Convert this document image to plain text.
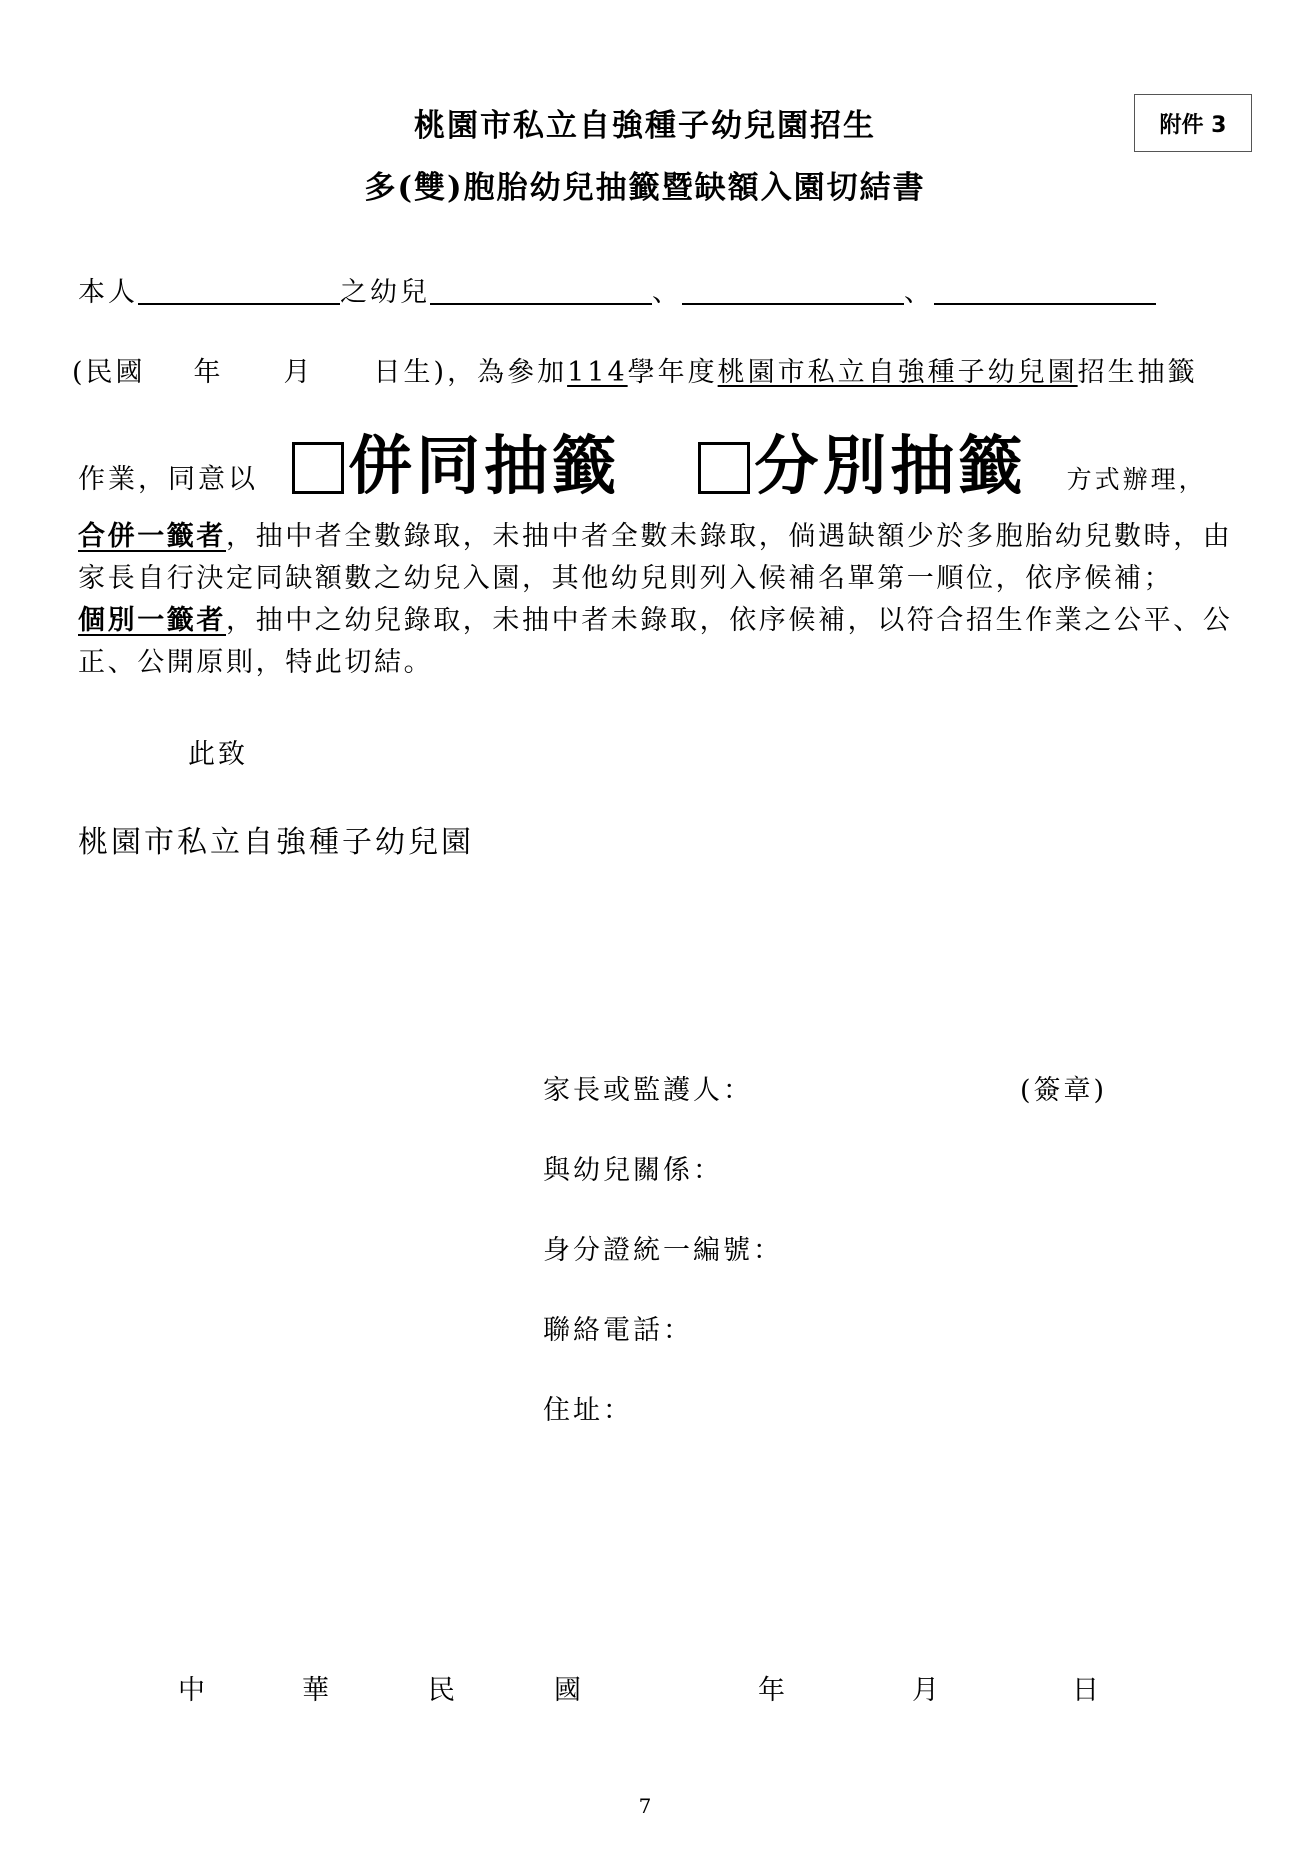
桃園市私立自強種子幼兒園招生
多(雙)胞胎幼兒抽籤暨缺額入園切結書
附件 3
本人	之幼兒	、	、
(民國 年 月 日生)，為參加114學年度桃園市私立自強種子幼兒園招生抽籤
作業，同意以 併同抽籤 分別抽籤 方式辦理，
合併一籤者，抽中者全數錄取，未抽中者全數未錄取，倘遇缺額少於多胞胎幼兒數時，由家長自行決定同缺額數之幼兒入園，其他幼兒則列入候補名單第一順位，依序候補；
個別一籤者，抽中之幼兒錄取，未抽中者未錄取，依序候補，以符合招生作業之公平、公正、公開原則，特此切結。
此致
桃園市私立自強種子幼兒園
家長或監護人：	(簽章)
與幼兒關係：
身分證統一編號：
聯絡電話：
住址：
中	華	民	國	年	月	日
7
